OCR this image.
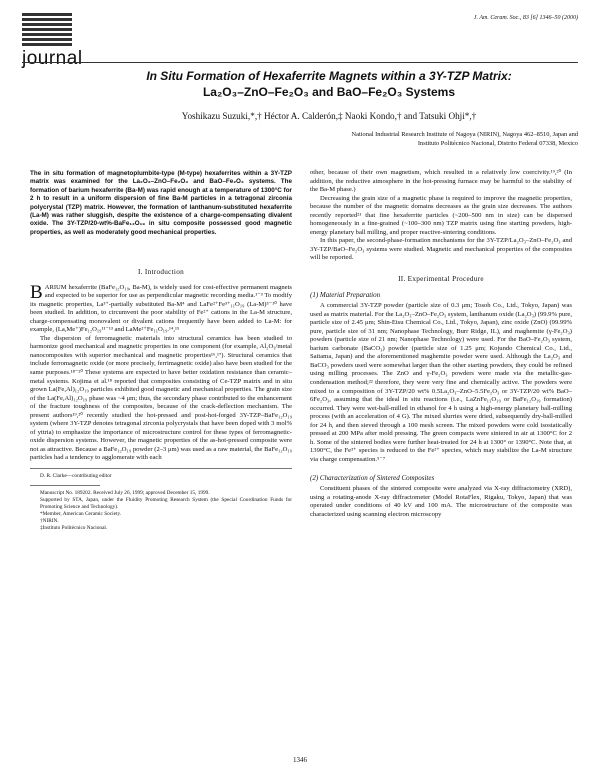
journal
J. Am. Ceram. Soc., 83 [6] 1346–50 (2000)
In Situ Formation of Hexaferrite Magnets within a 3Y-TZP Matrix:
La₂O₃–ZnO–Fe₂O₃ and BaO–Fe₂O₃ Systems
Yoshikazu Suzuki,*,† Héctor A. Calderón,‡ Naoki Kondo,† and Tatsuki Ohji*,†
National Industrial Research Institute of Nagoya (NIRIN), Nagoya 462–8510, Japan and
Instituto Politécnico Nacional, Distrito Federal 07338, Mexico
The in situ formation of magnetoplumbite-type (M-type) hexaferrites within a 3Y-TZP matrix was examined for the La₂O₃–ZnO–Fe₂O₃ and BaO–Fe₂O₃ systems. The formation of barium hexaferrite (Ba-M) was rapid enough at a temperature of 1300°C for 2 h to result in a uniform dispersion of fine Ba-M particles in a tetragonal zirconia polycrystal (TZP) matrix. However, the formation of lanthanum-substituted hexaferrite (La-M) was rather sluggish, despite the existence of a charge-compensating divalent oxide. The 3Y-TZP/20-wt%-BaFe₁₂O₁₉ in situ composite possessed good magnetic properties, as well as moderately good mechanical properties.
I. Introduction

BARIUM hexaferrite (BaFe₁₂O₁₉, Ba-M), is widely used for cost-effective permanent magnets and expected to be superior for use as perpendicular magnetic recording media.¹⁻³ To modify its magnetic properties, La³⁺-partially substituted Ba-M⁴ and LaFe²⁺Fe³⁺₁₁O₁₉ (La-M)⁵⁻¹⁰ have been studied. In addition, to circumvent the poor stability of Fe²⁺ cations in the La-M structure, charge-compensating monovalent or divalent cations frequently have been added to La-M: for example, (La,Me⁺)Fe₁₂O₁₉¹¹⁻¹³ and LaMe²⁺Fe₁₁O₁₉.¹⁴,¹⁵

The dispersion of ferromagnetic materials into structural ceramics has been studied to harmonize good mechanical and magnetic properties in one component (for example, Al₂O₃/metal nanocomposites with superior mechanical and magnetic properties¹⁶,¹⁷). Structural ceramics that include ferromagnetic oxide (or more precisely, ferrimagnetic oxide) also have been studied for the same purposes.¹⁸⁻²⁰ These systems are expected to have better oxidation resistance than ceramic–metal systems. Kojima et al.¹⁸ reported that composites consisting of Ce-TZP matrix and in situ grown La(Fe,Al)₁₂O₁₉ particles exhibited good magnetic and mechanical properties. The grain size of the La(Fe,Al)₁₂O₁₉ phase was ~4 μm; thus, the secondary phase contributed to the enhancement of the fracture toughness of the composites, because of the crack-deflection mechanism. The present authors¹⁹,²⁰ recently studied the hot-pressed and post-hot-forged 3Y-TZP–BaFe₁₂O₁₉ system (where 3Y-TZP denotes tetragonal zirconia polycrystals that have been doped with 3 mol% of yttria) to emphasize the importance of microstructure control for these types of ferromagnetic-oxide dispersion systems. However, the magnetic properties of the as-hot-pressed composite were not as attractive. Because a BaFe₁₂O₁₉ powder (2–3 μm) was used as a raw material, the BaFe₁₂O₁₉ particles had a tendency to agglomerate with each

D. R. Clarke—contributing editor
Manuscript No. 189202. Received July 26, 1999; approved December 15, 1999.
Supported by STA, Japan, under the Fluidity Promoting Research System (the Special Coordination Funds for Promoting Science and Technology).
*Member, American Ceramic Society.
†NIRIN.
‡Instituto Politécnico Nacional.

other, because of their own magnetism, which resulted in a relatively low coercivity.¹⁹,²⁰ (In addition, the reductive atmosphere in the hot-pressing furnace may be harmful to the stability of the Ba-M phase.)

Decreasing the grain size of a magnetic phase is required to improve the magnetic properties, because the number of the magnetic domains decreases as the grain size decreases. The authors recently reported²¹ that fine hexaferrite particles (~200–500 nm in size) can be dispersed homogeneously in a fine-grained (~100–300 nm) TZP matrix using fine starting powders, high-energy planetary ball milling, and proper reactive-sintering conditions.

In this paper, the second-phase-formation mechanisms for the 3Y-TZP/La₂O₃–ZnO–Fe₂O₃ and 3Y-TZP/BaO–Fe₂O₃ systems were studied. Magnetic and mechanical properties of the composites will be reported.

II. Experimental Procedure
(1) Material Preparation

A commercial 3Y-TZP powder (particle size of 0.3 μm; Tosoh Co., Ltd., Tokyo, Japan) was used as matrix material. For the La₂O₃–ZnO–Fe₂O₃ system, lanthanum oxide (La₂O₃) (99.9% pure, particle size of 2.45 μm; Shin-Etsu Chemical Co., Ltd., Tokyo, Japan), zinc oxide (ZnO) (99.99% pure, particle size of 31 nm; Nanophase Technology, Burr Ridge, IL), and maghemite (γ-Fe₂O₃) powders (particle size of 21 nm; Nanophase Technology) were used. For the BaO–Fe₂O₃ system, barium carbonate (BaCO₃) powder (particle size of 1.25 μm; Kojundo Chemical Co., Ltd., Saitama, Japan) and the aforementioned maghemite powder were used. Although the La₂O₃ and BaCO₃ powders used were somewhat larger than the other starting powders, they could be refined using milling processes. The ZnO and γ-Fe₂O₃ powders were made via the metallic-gas-condensation method;²² therefore, they were very fine and chemically active. The powders were mixed to a composition of 3Y-TZP/20 wt% 0.5La₂O₃–ZnO–5.5Fe₂O₃ or 3Y-TZP/20 wt% BaO–6Fe₂O₃, assuming that the ideal in situ reactions (i.e., LaZnFe₁₁O₁₉ or BaFe₁₂O₁₉ formation) occurred. They were wet-ball-milled in ethanol for 4 h using a high-energy planetary ball-milling process (with an acceleration of 4 G). The mixed slurries were dried, subsequently dry-ball-milled for 24 h, and then sieved through a 100 mesh screen. The mixed powders were cold isostatically pressed at 200 MPa after mold pressing. The green compacts were sintered in air at 1300°C for 2 h. Some of the sintered bodies were further heat-treated for 24 h at 1300° or 1390°C. Note that, at 1390°C, the Fe³⁺ species is reduced to the Fe²⁺ species, which may stabilize the La-M structure via charge compensation.⁵⁻⁷

(2) Characterization of Sintered Composites

Constituent phases of the sintered composite were analyzed via X-ray diffractometry (XRD), using a rotating-anode X-ray diffractometer (Model RotaFlex, Rigaku, Tokyo, Japan) that was operated under conditions of 40 kV and 100 mA. The microstructure of the composite was characterized using scanning electron microscopy

1346
